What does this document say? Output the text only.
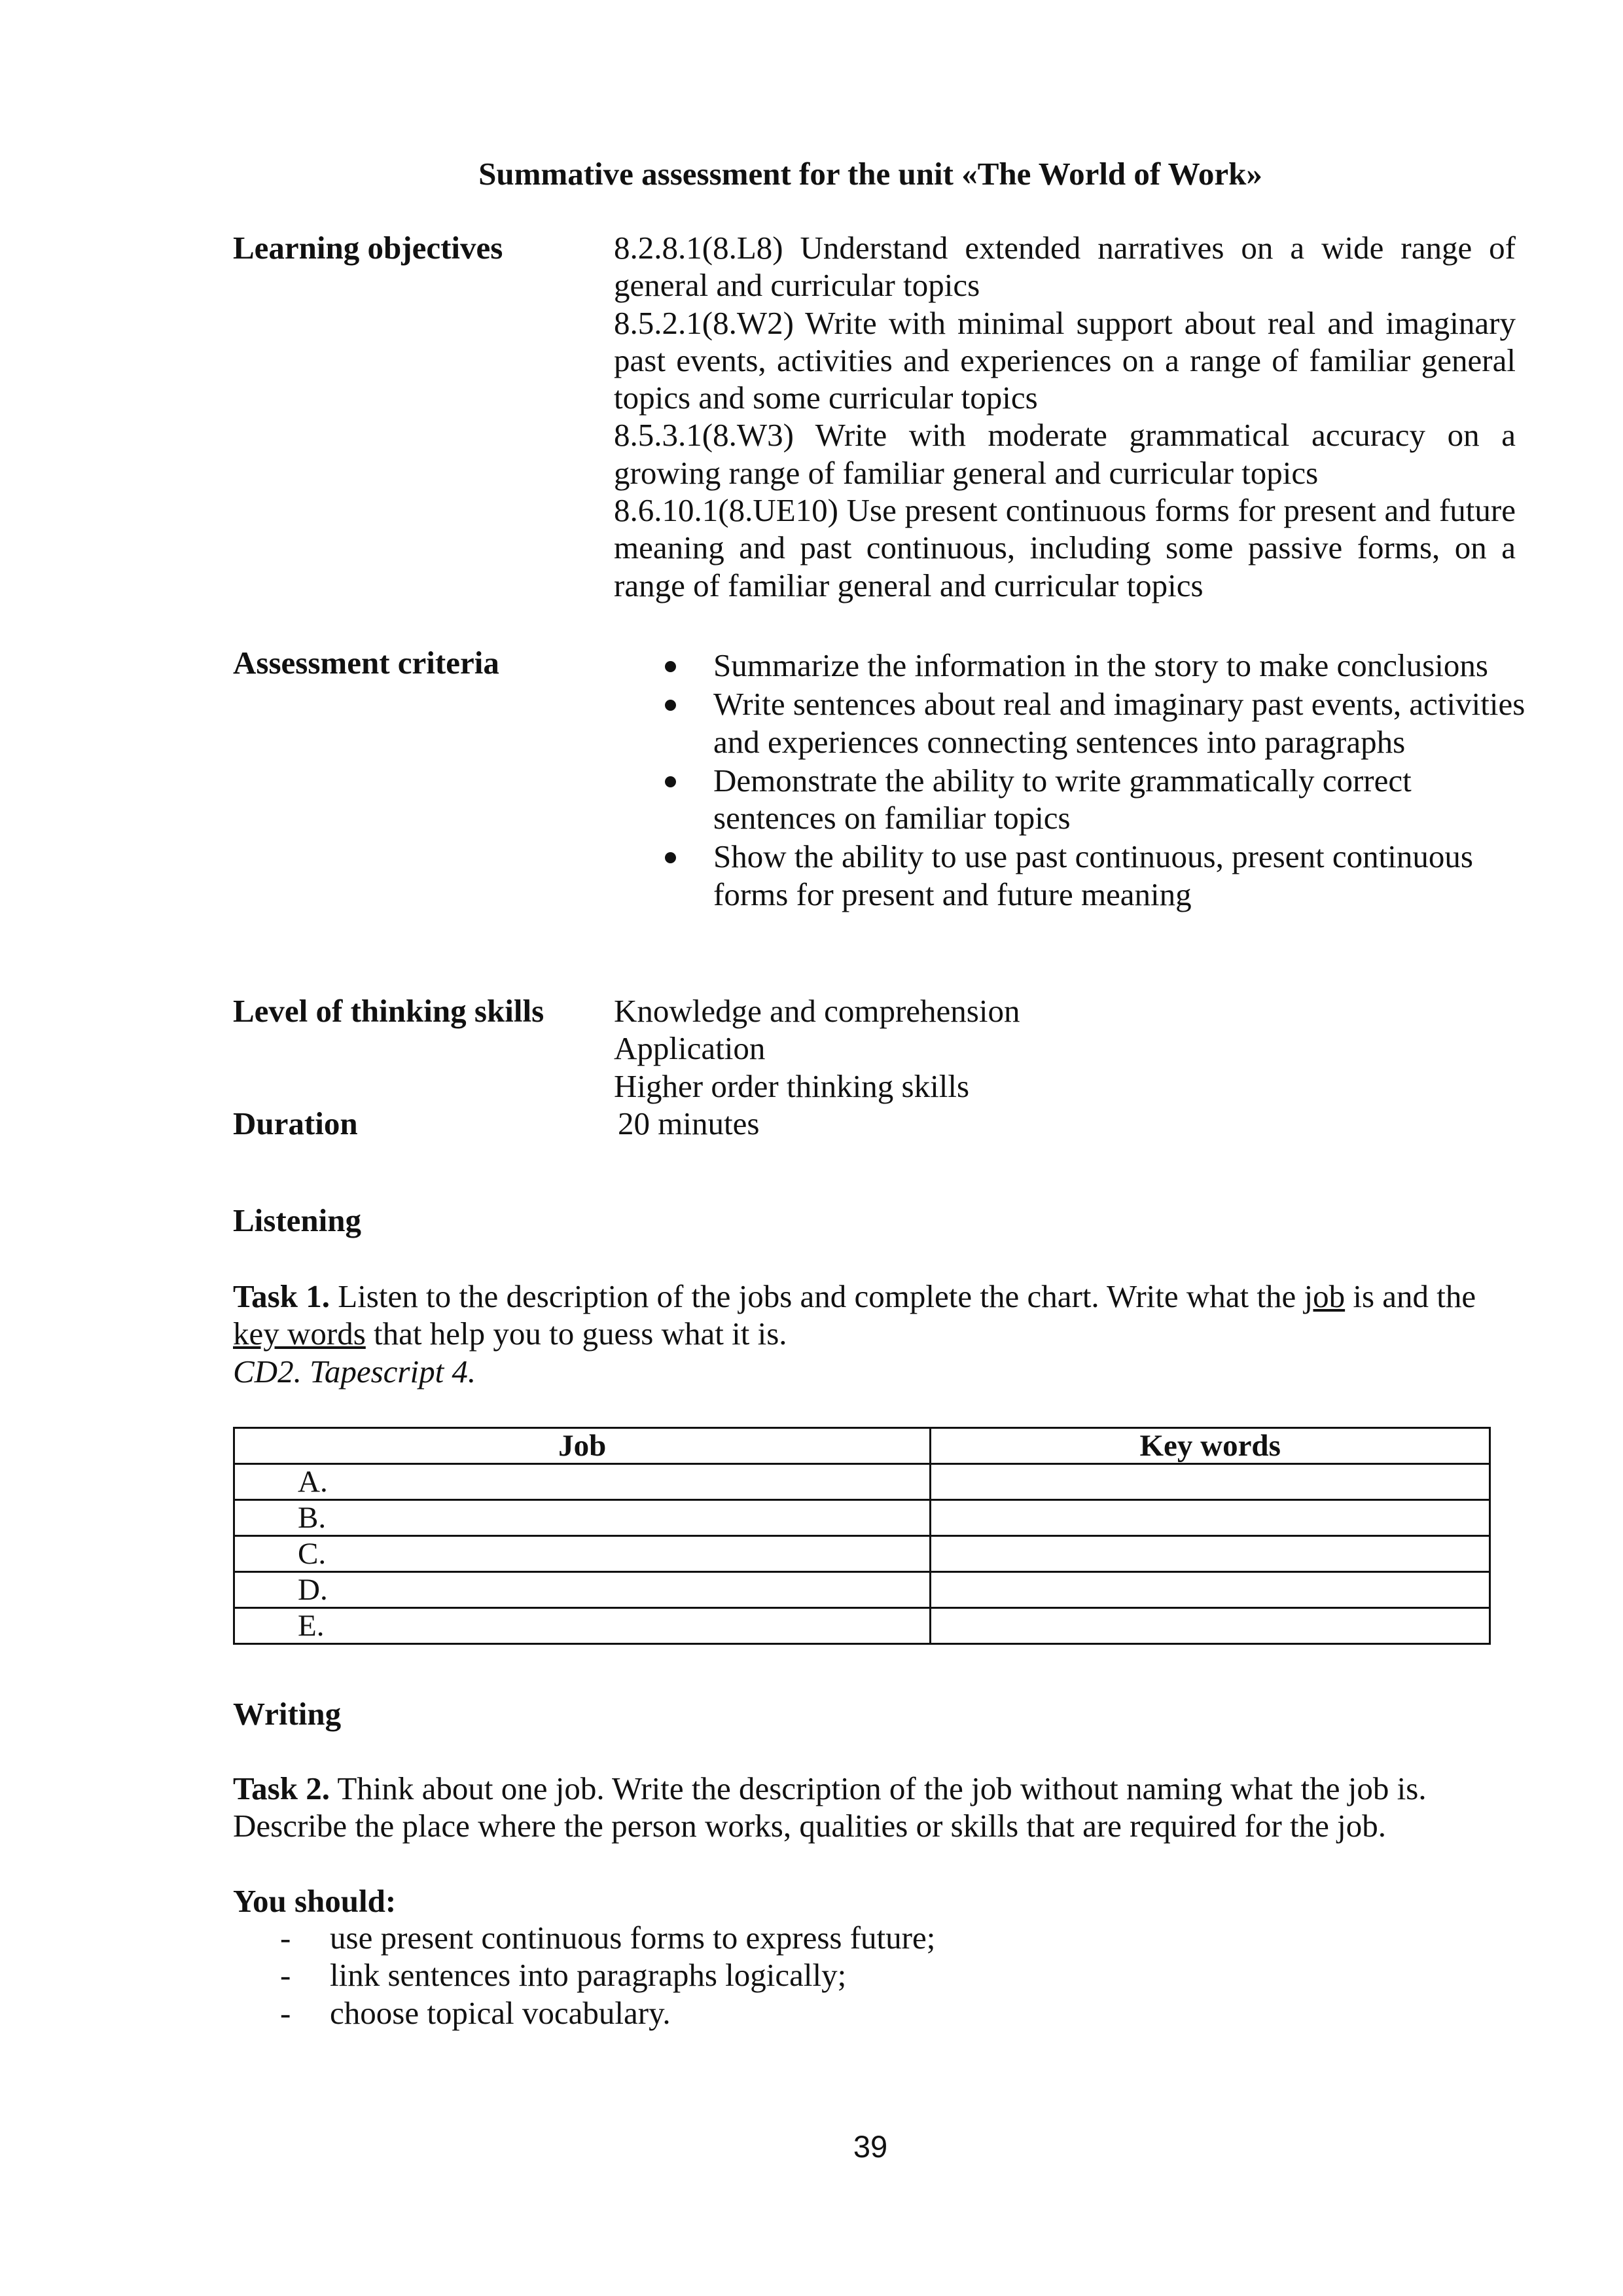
Summative assessment for the unit «The World of Work»
Learning objectives	8.2.8.1(8.L8) Understand extended narratives on a wide range of general and curricular topics
8.5.2.1(8.W2) Write with minimal support about real and imaginary past events, activities and experiences on a range of familiar general topics and some curricular topics
8.5.3.1(8.W3) Write with moderate grammatical accuracy on a growing range of familiar general and curricular topics
8.6.10.1(8.UE10) Use present continuous forms for present and future meaning and past continuous, including some passive forms, on a range of familiar general and curricular topics
Assessment criteria	Summarize the information in the story to make conclusions
Write sentences about real and imaginary past events, activities and experiences connecting sentences into paragraphs
Demonstrate the ability to write grammatically correct sentences on familiar topics
Show the ability to use past continuous, present continuous forms for present and future meaning
Level of thinking skills Knowledge and comprehension
Application
Higher order thinking skills
Duration	20 minutes
Listening
Task 1. Listen to the description of the jobs and complete the chart. Write what the job is and the key words that help you to guess what it is.
CD2. Tapescript 4.
Job	Key words
A.	
B.	
C.	
D.	
E.	
Writing
Task 2. Think about one job. Write the description of the job without naming what the job is. Describe the place where the person works, qualities or skills that are required for the job.
You should:
- use present continuous forms to express future;
- link sentences into paragraphs logically;
- choose topical vocabulary.
39
